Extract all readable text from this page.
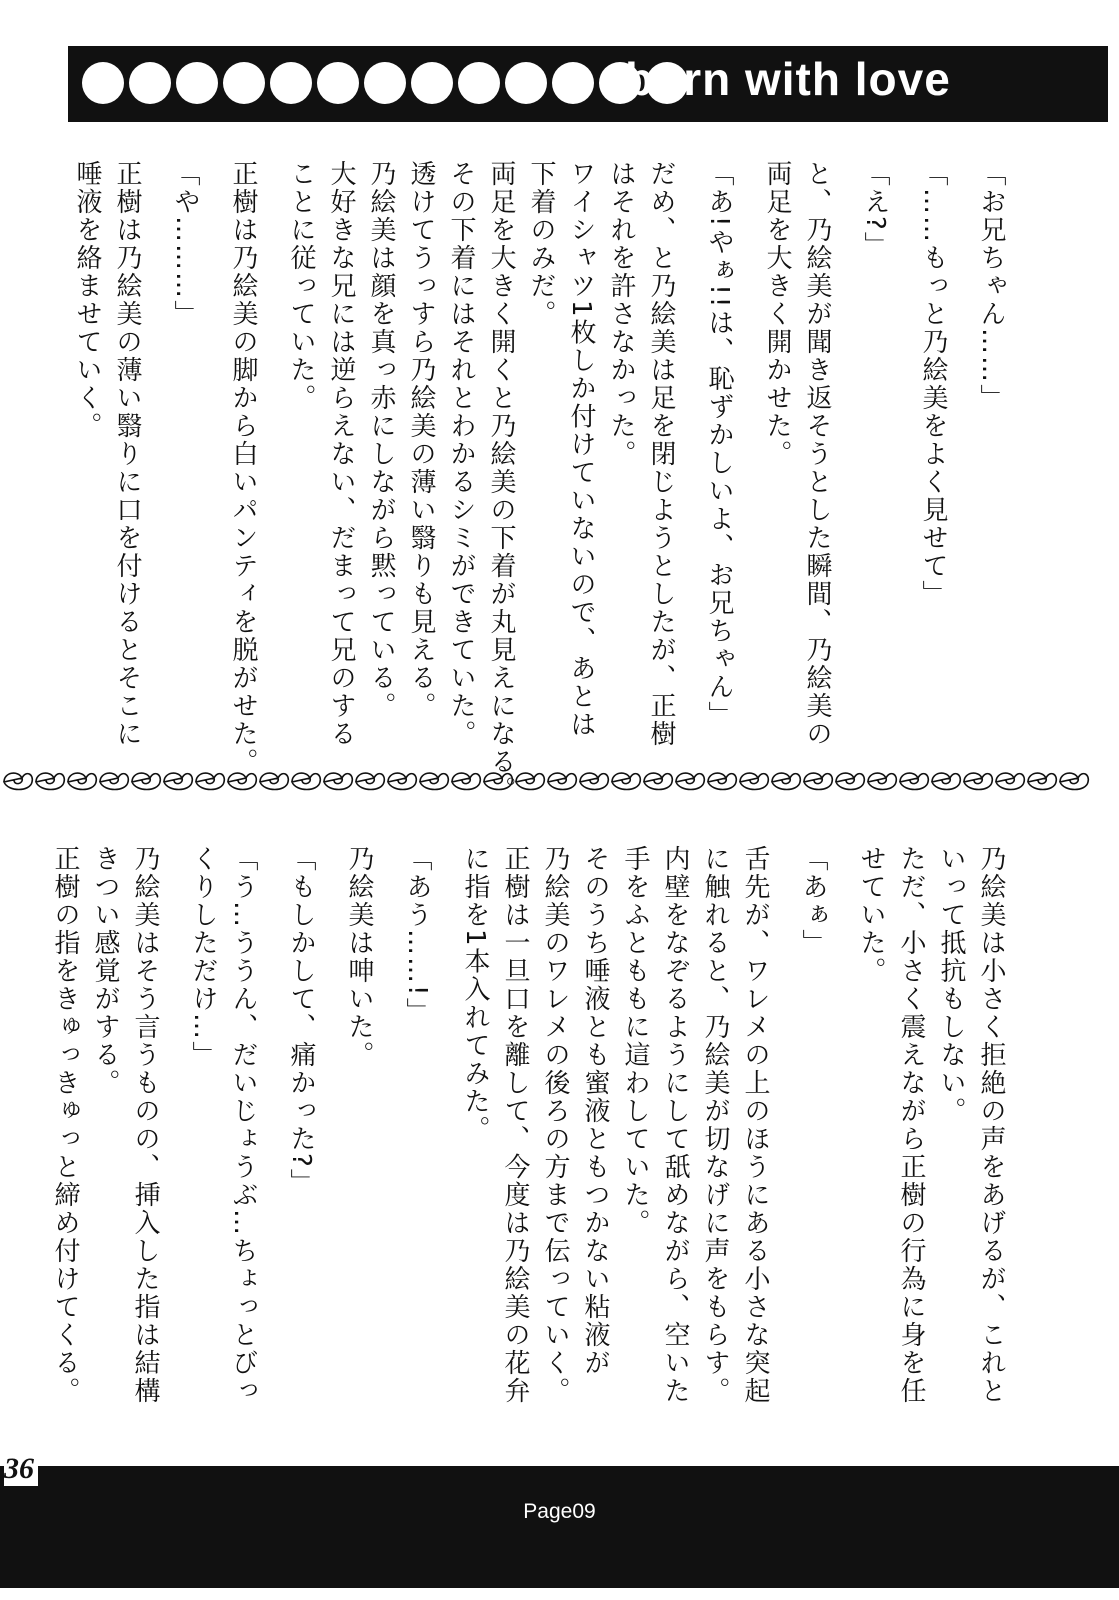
burn with love
「お兄ちゃん……」
「……もっと乃絵美をよく見せて」
「え?」
と、乃絵美が聞き返そうとした瞬間、乃絵美の
両足を大きく開かせた。
「あ!やぁ!!は、恥ずかしいよ、お兄ちゃん」
だめ、と乃絵美は足を閉じようとしたが、正樹
はそれを許さなかった。
ワイシャツ1枚しか付けていないので、あとは
下着のみだ。
両足を大きく開くと乃絵美の下着が丸見えになる。
その下着にはそれとわかるシミができていた。
透けてうっすら乃絵美の薄い翳りも見える。
乃絵美は顔を真っ赤にしながら黙っている。
大好きな兄には逆らえない、だまって兄のする
ことに従っていた。
正樹は乃絵美の脚から白いパンティを脱がせた。
「や………」
正樹は乃絵美の薄い翳りに口を付けるとそこに
唾液を絡ませていく。
乃絵美は小さく拒絶の声をあげるが、これと
いって抵抗もしない。
ただ、小さく震えながら正樹の行為に身を任
せていた。
「あぁ」
舌先が、ワレメの上のほうにある小さな突起
に触れると、乃絵美が切なげに声をもらす。
内壁をなぞるようにして舐めながら、空いた
手をふとももに這わしていた。
そのうち唾液とも蜜液ともつかない粘液が
乃絵美のワレメの後ろの方まで伝っていく。
正樹は一旦口を離して、今度は乃絵美の花弁
に指を1本入れてみた。
「あう……!」
乃絵美は呻いた。
「もしかして、痛かった?」
「う…ううん、だいじょうぶ…ちょっとびっ
くりしただけ…」
乃絵美はそう言うものの、挿入した指は結構
きつい感覚がする。
正樹の指をきゅっきゅっと締め付けてくる。
36
Page09
